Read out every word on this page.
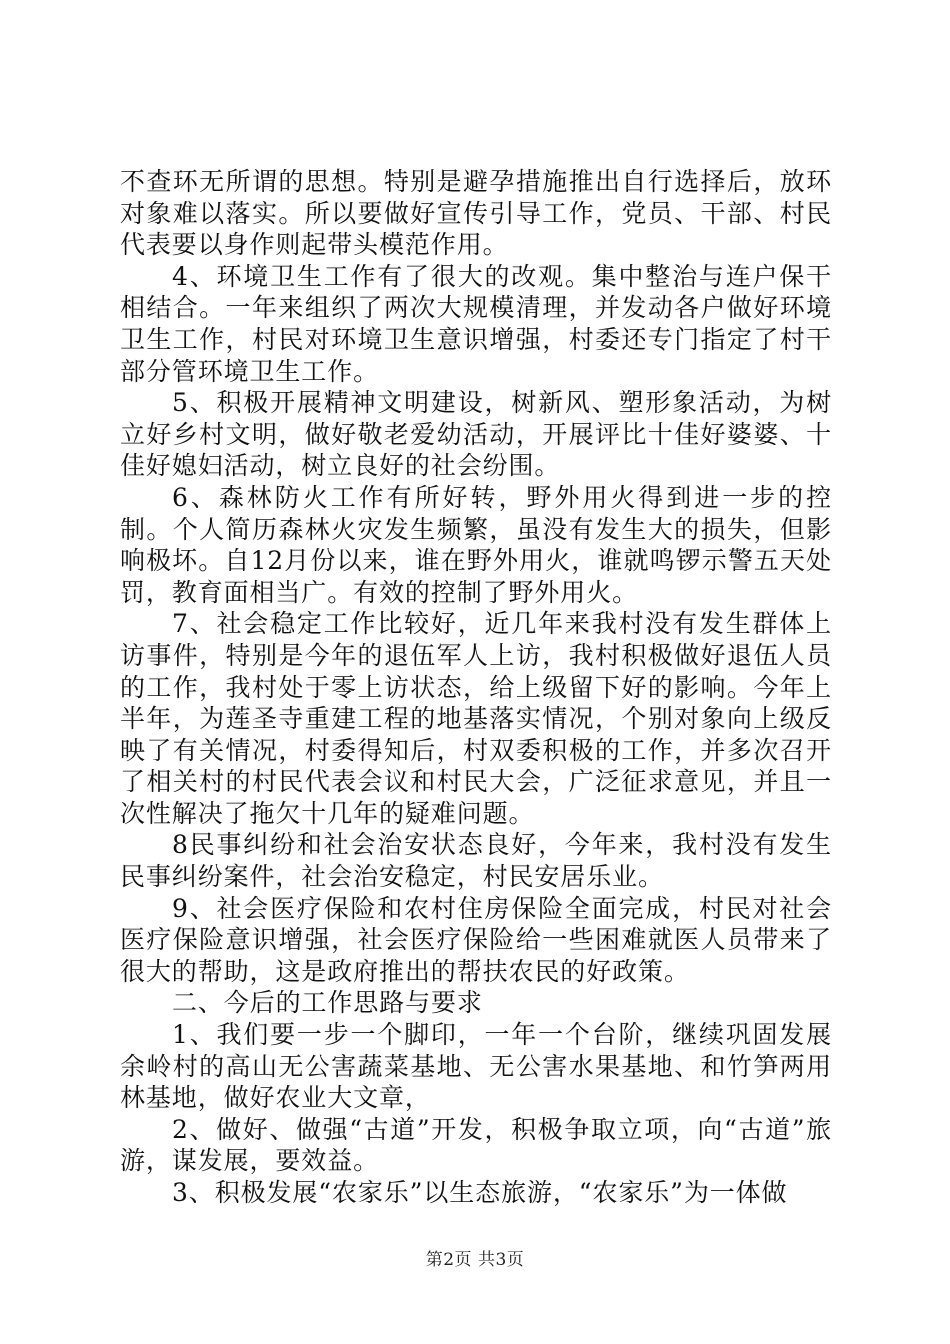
不查环无所谓的思想。特别是避孕措施推出自行选择后，放环对象难以落实。所以要做好宣传引导工作，党员、干部、村民代表要以身作则起带头模范作用。

4、环境卫生工作有了很大的改观。集中整治与连户保干相结合。一年来组织了两次大规模清理，并发动各户做好环境卫生工作，村民对环境卫生意识增强，村委还专门指定了村干部分管环境卫生工作。

5、积极开展精神文明建设，树新风、塑形象活动，为树立好乡村文明，做好敬老爱幼活动，开展评比十佳好婆婆、十佳好媳妇活动，树立良好的社会纷围。

6、森林防火工作有所好转，野外用火得到进一步的控制。个人简历森林火灾发生频繁，虽没有发生大的损失，但影响极坏。自12月份以来，谁在野外用火，谁就鸣锣示警五天处罚，教育面相当广。有效的控制了野外用火。

7、社会稳定工作比较好，近几年来我村没有发生群体上访事件，特别是今年的退伍军人上访，我村积极做好退伍人员的工作，我村处于零上访状态，给上级留下好的影响。今年上半年，为莲圣寺重建工程的地基落实情况，个别对象向上级反映了有关情况，村委得知后，村双委积极的工作，并多次召开了相关村的村民代表会议和村民大会，广泛征求意见，并且一次性解决了拖欠十几年的疑难问题。

8民事纠纷和社会治安状态良好，今年来，我村没有发生民事纠纷案件，社会治安稳定，村民安居乐业。

9、社会医疗保险和农村住房保险全面完成，村民对社会医疗保险意识增强，社会医疗保险给一些困难就医人员带来了很大的帮助，这是政府推出的帮扶农民的好政策。

二、今后的工作思路与要求

1、我们要一步一个脚印，一年一个台阶，继续巩固发展余岭村的高山无公害蔬菜基地、无公害水果基地、和竹笋两用林基地，做好农业大文章，

2、做好、做强“古道”开发，积极争取立项，向“古道”旅游，谋发展，要效益。

3、积极发展“农家乐”以生态旅游，“农家乐”为一体做

第2页 共3页
